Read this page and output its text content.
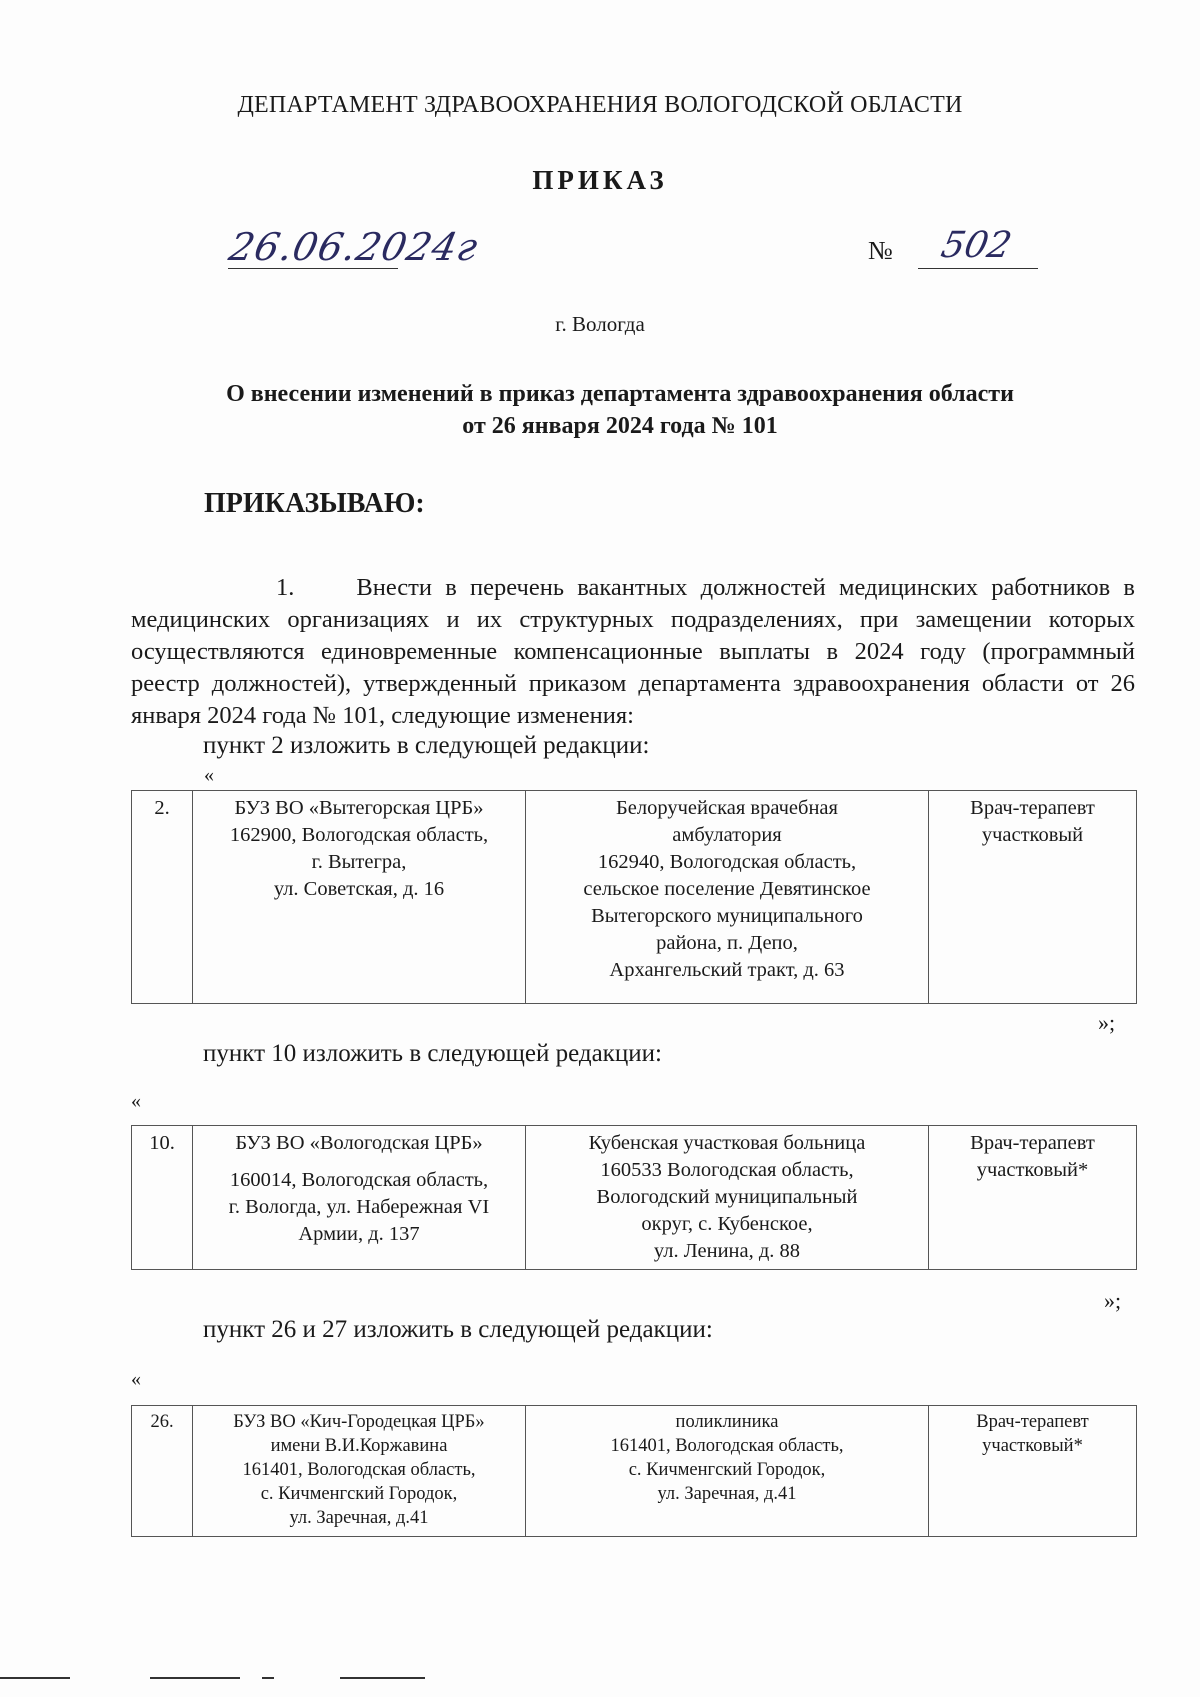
ДЕПАРТАМЕНТ ЗДРАВООХРАНЕНИЯ ВОЛОГОДСКОЙ ОБЛАСТИ
ПРИКАЗ
26.06.2024г	№ 502
г. Вологда
О внесении изменений в приказ департамента здравоохранения области
от 26 января 2024 года № 101
ПРИКАЗЫВАЮ:
1.	Внести в перечень вакантных должностей медицинских работников в медицинских организациях и их структурных подразделениях, при замещении которых осуществляются единовременные компенсационные выплаты в 2024 году (программный реестр должностей), утвержденный приказом департамента здравоохранения области от 26 января 2024 года № 101, следующие изменения:
пункт 2 изложить в следующей редакции:
«
2.	БУЗ ВО «Вытегорская ЦРБ»
162900, Вологодская область,
г. Вытегра,
ул. Советская, д. 16	Белоручейская врачебная
амбулатория
162940, Вологодская область,
сельское поселение Девятинское
Вытегорского муниципального
района, п. Депо,
Архангельский тракт, д. 63	Врач-терапевт
участковый
»;
пункт 10 изложить в следующей редакции:
«
10.	БУЗ ВО «Вологодская ЦРБ»
160014, Вологодская область,
г. Вологда, ул. Набережная VI
Армии, д. 137
	Кубенская участковая больница
160533 Вологодская область,
Вологодский муниципальный
округ, с. Кубенское,
ул. Ленина, д. 88	Врач-терапевт
участковый*
»;
пункт 26 и 27 изложить в следующей редакции:
«
26.	БУЗ ВО «Кич-Городецкая ЦРБ»
имени В.И.Коржавина
161401, Вологодская область,
с. Кичменгский Городок,
ул. Заречная, д.41	поликлиника
161401, Вологодская область,
с. Кичменгский Городок,
ул. Заречная, д.41	Врач-терапевт
участковый*
